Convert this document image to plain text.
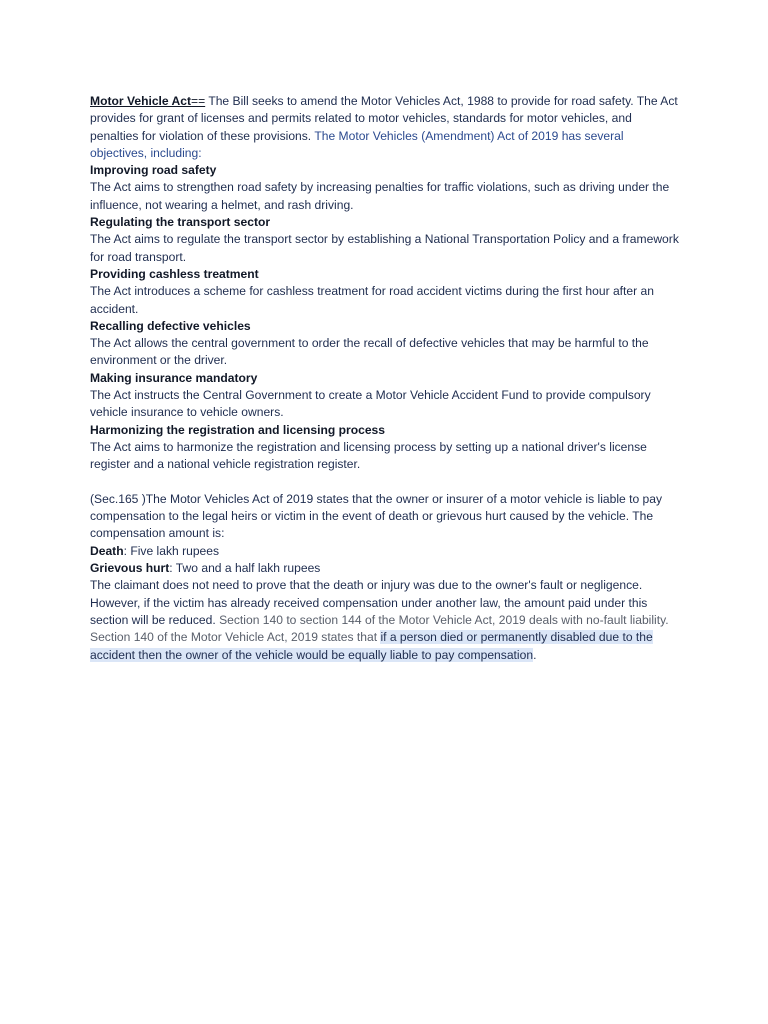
Motor Vehicle Act== The Bill seeks to amend the Motor Vehicles Act, 1988 to provide for road safety. The Act provides for grant of licenses and permits related to motor vehicles, standards for motor vehicles, and penalties for violation of these provisions. The Motor Vehicles (Amendment) Act of 2019 has several objectives, including:

Improving road safety

The Act aims to strengthen road safety by increasing penalties for traffic violations, such as driving under the influence, not wearing a helmet, and rash driving.

Regulating the transport sector

The Act aims to regulate the transport sector by establishing a National Transportation Policy and a framework for road transport.

Providing cashless treatment

The Act introduces a scheme for cashless treatment for road accident victims during the first hour after an accident.

Recalling defective vehicles

The Act allows the central government to order the recall of defective vehicles that may be harmful to the environment or the driver.

Making insurance mandatory

The Act instructs the Central Government to create a Motor Vehicle Accident Fund to provide compulsory vehicle insurance to vehicle owners.

Harmonizing the registration and licensing process

The Act aims to harmonize the registration and licensing process by setting up a national driver's license register and a national vehicle registration register.

(Sec.165 )The Motor Vehicles Act of 2019 states that the owner or insurer of a motor vehicle is liable to pay compensation to the legal heirs or victim in the event of death or grievous hurt caused by the vehicle. The compensation amount is:

Death: Five lakh rupees

Grievous hurt: Two and a half lakh rupees

The claimant does not need to prove that the death or injury was due to the owner's fault or negligence. However, if the victim has already received compensation under another law, the amount paid under this section will be reduced. Section 140 to section 144 of the Motor Vehicle Act, 2019 deals with no-fault liability. Section 140 of the Motor Vehicle Act, 2019 states that if a person died or permanently disabled due to the accident then the owner of the vehicle would be equally liable to pay compensation.
